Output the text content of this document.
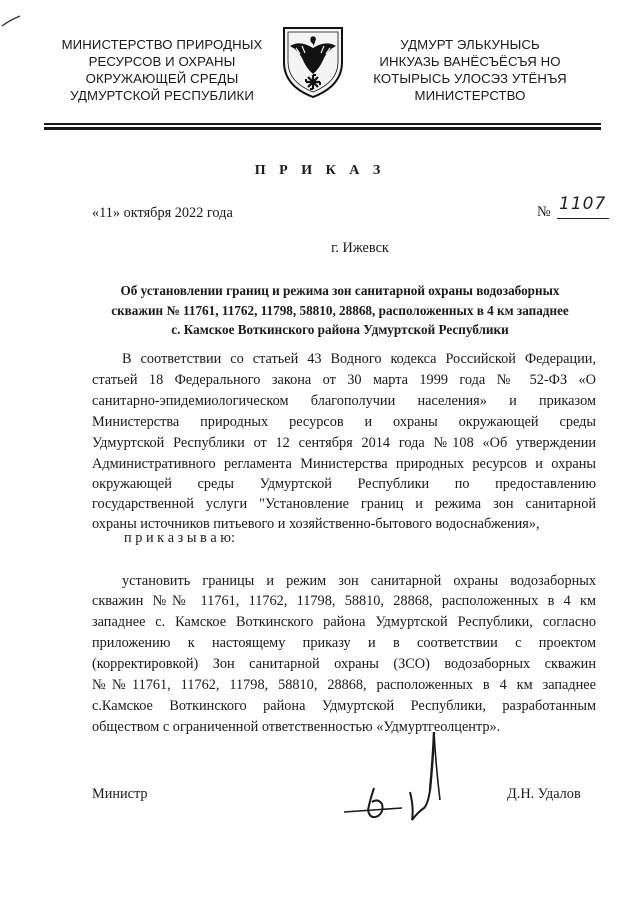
МИНИСТЕРСТВО ПРИРОДНЫХ
РЕСУРСОВ И ОХРАНЫ
ОКРУЖАЮЩЕЙ СРЕДЫ
УДМУРТСКОЙ РЕСПУБЛИКИ
УДМУРТ ЭЛЬКУНЫСЬ
ИНКУАЗЬ ВАНЁСЪЁСЪЯ НО
КОТЫРЫСЬ УЛОСЭЗ УТЁНЪЯ
МИНИСТЕРСТВО
П Р И К А З
«11» октября 2022 года	№ 1107
г. Ижевск
Об установлении границ и режима зон санитарной охраны водозаборных
скважин № 11761, 11762, 11798, 58810, 28868, расположенных в 4 км западнее
с. Камское Воткинского района Удмуртской Республики
В соответствии со статьей 43 Водного кодекса Российской Федерации,
статьей 18 Федерального закона от 30 марта 1999 года № 52-ФЗ «О
санитарно-эпидемиологическом благополучии населения» и приказом
Министерства природных ресурсов и охраны окружающей среды
Удмуртской Республики от 12 сентября 2014 года №108 «Об утверждении
Административного регламента Министерства природных ресурсов и охраны
окружающей среды Удмуртской Республики по предоставлению
государственной услуги "Установление границ и режима зон санитарной
охраны источников питьевого и хозяйственно-бытового водоснабжения»,
п р и к а з ы в а ю:
установить границы и режим зон санитарной охраны водозаборных
скважин №№ 11761, 11762, 11798, 58810, 28868, расположенных в 4 км
западнее с. Камское Воткинского района Удмуртской Республики, согласно
приложению к настоящему приказу и в соответствии с проектом
(корректировкой) Зон санитарной охраны (ЗСО) водозаборных скважин
№№11761, 11762, 11798, 58810, 28868, расположенных в 4 км западнее
с.Камское Воткинского района Удмуртской Республики, разработанным
обществом с ограниченной ответственностью «Удмуртгеолцентр».
Министр	Д.Н. Удалов
